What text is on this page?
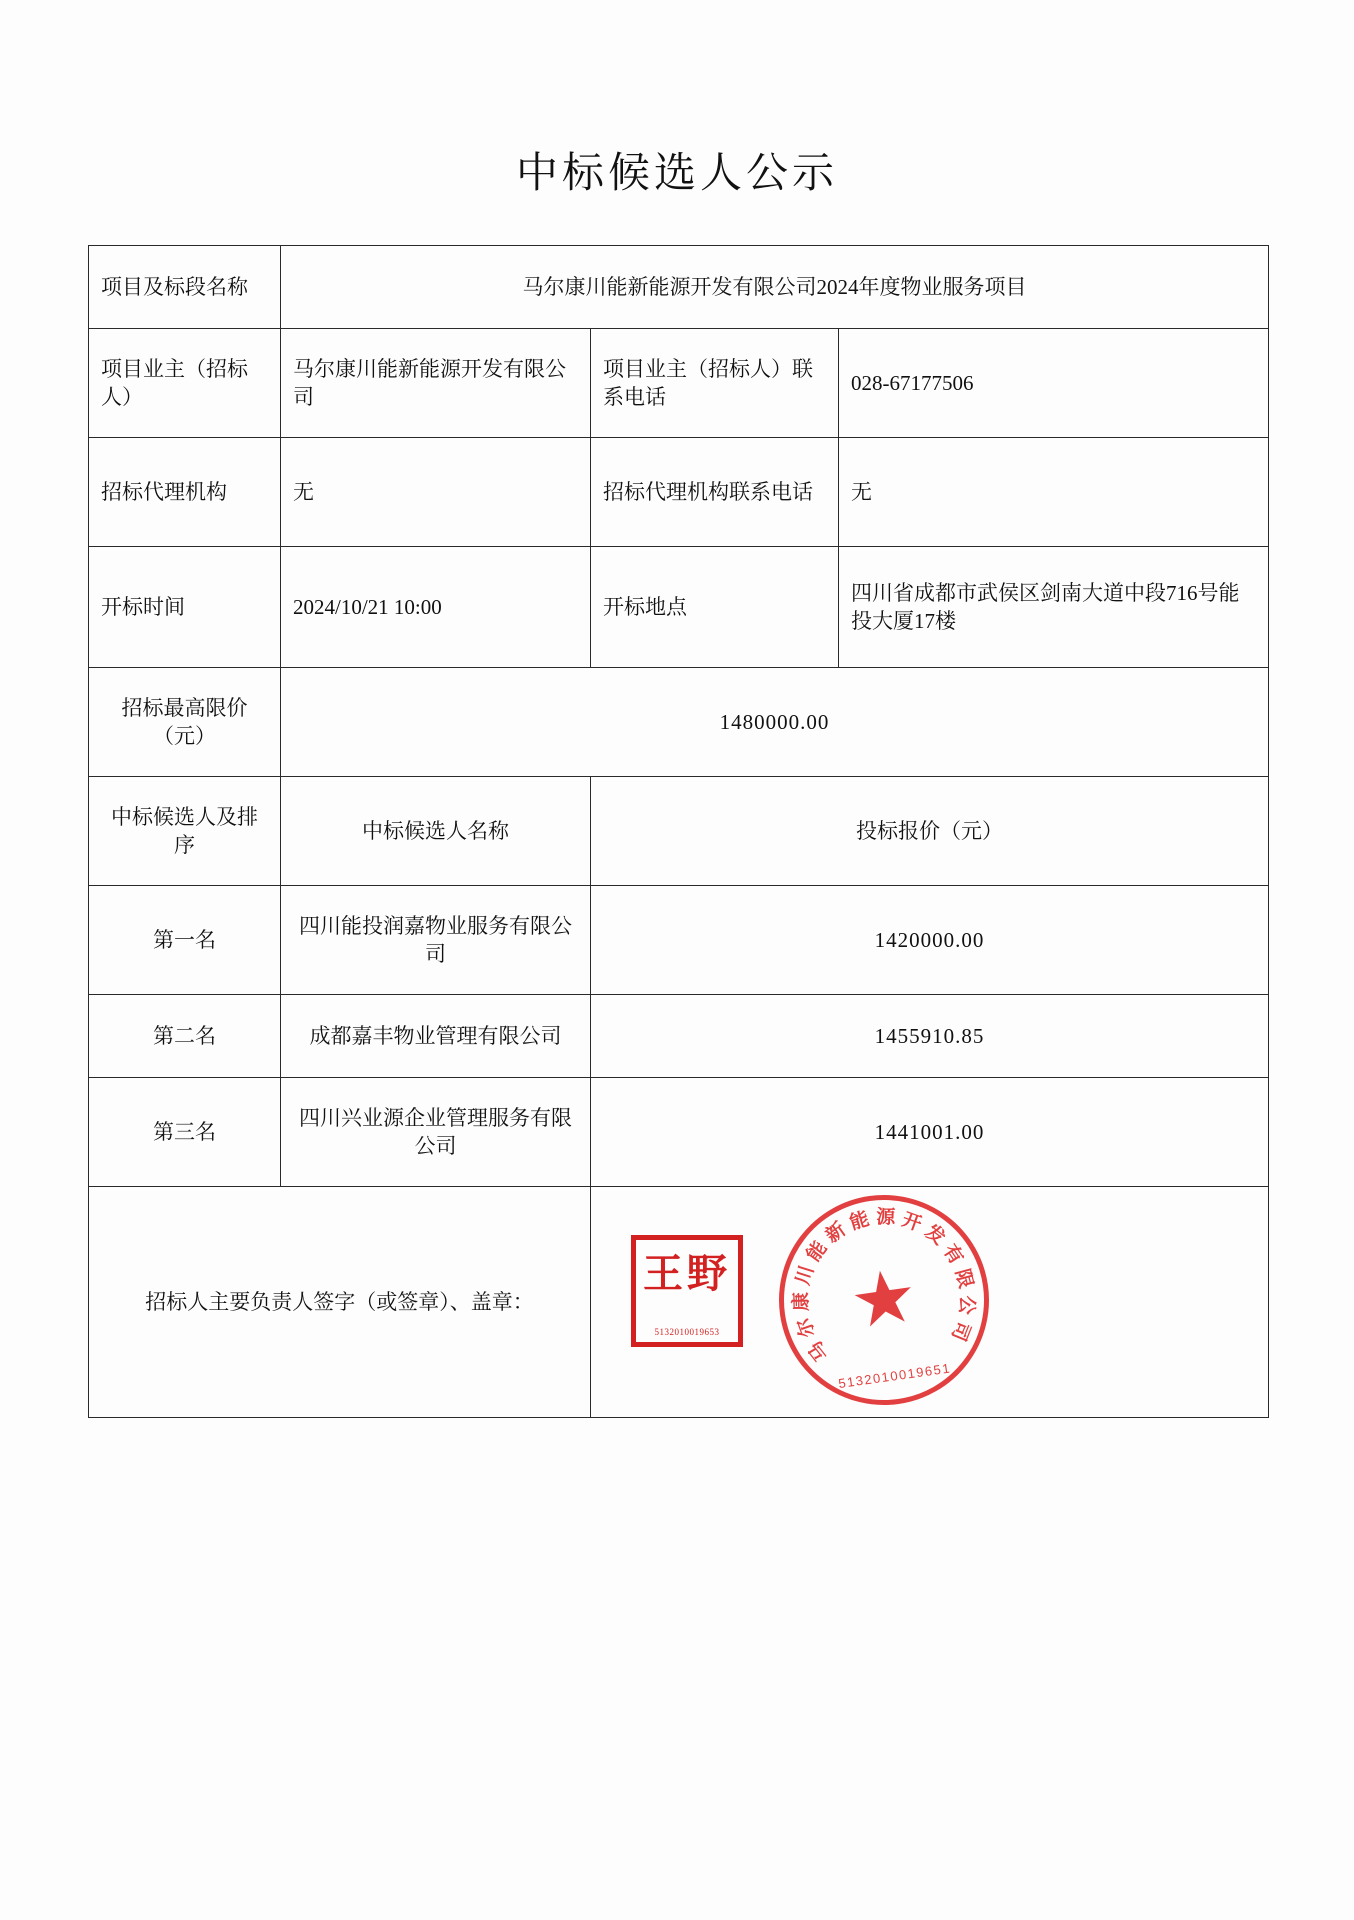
中标候选人公示
项目及标段名称	马尔康川能新能源开发有限公司2024年度物业服务项目		
项目业主（招标人）	马尔康川能新能源开发有限公司	项目业主（招标人）联系电话	028-67177506
招标代理机构	无	招标代理机构联系电话	无
开标时间	2024/10/21 10:00	开标地点	四川省成都市武侯区剑南大道中段716号能投大厦17楼
招标最高限价（元）	1480000.00		
中标候选人及排序	中标候选人名称	投标报价（元）	
第一名	四川能投润嘉物业服务有限公司	1420000.00	
第二名	成都嘉丰物业管理有限公司	1455910.85	
第三名	四川兴业源企业管理服务有限公司	1441001.00	
招标人主要负责人签字（或签章）、盖章：	
王野
5132010019653
马
尔
康
川
能
新
能 源 开
发
有
限
公
司
★
5132010019651
